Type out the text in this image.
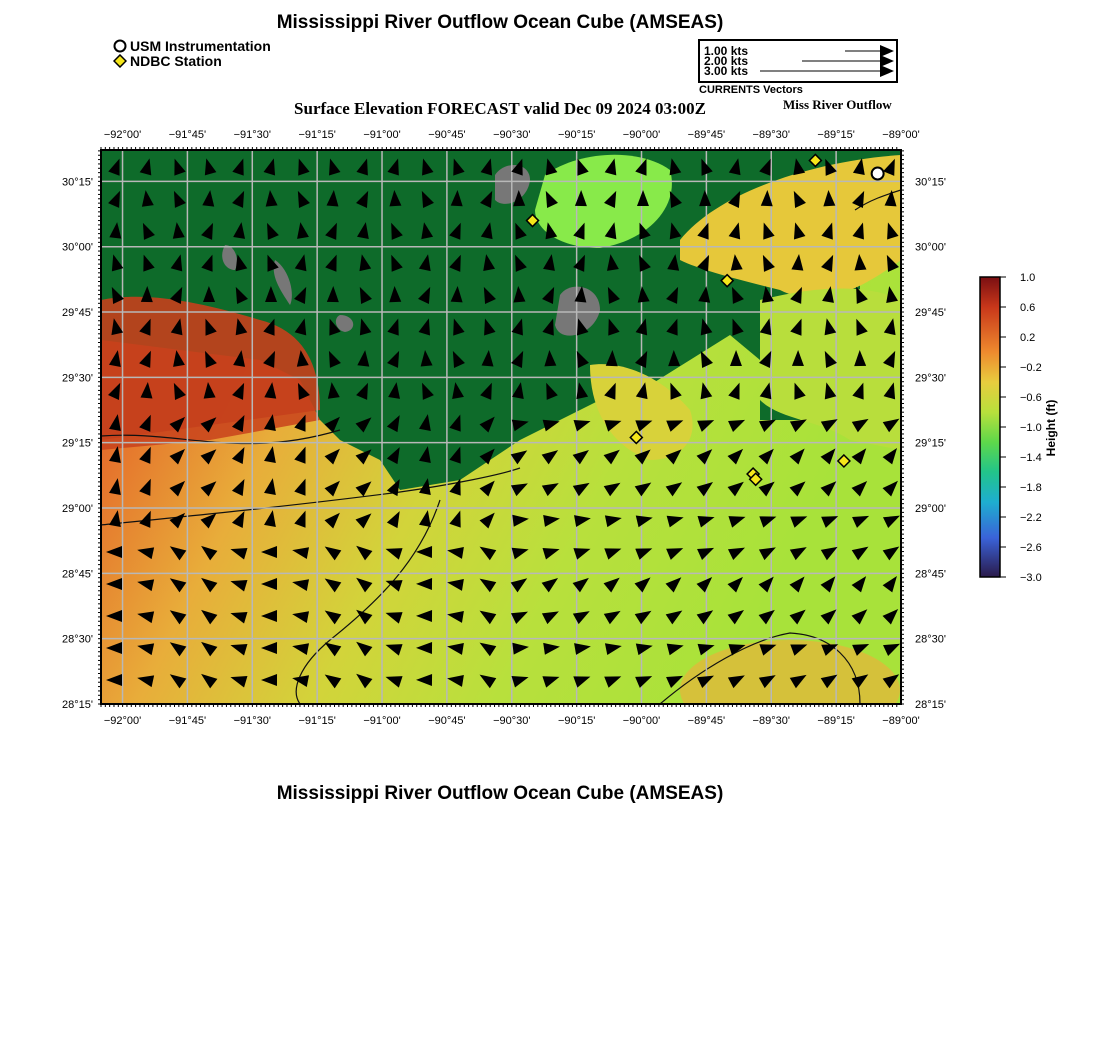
Mississippi River Outflow Ocean Cube (AMSEAS)
USM Instrumentation
NDBC Station
1.00 kts
2.00 kts
3.00 kts
CURRENTS Vectors
Surface Elevation FORECAST valid Dec 09 2024 03:00Z	Miss River Outflow
−92°00' −91°45' −91°30' −91°15' −91°00' −90°45' −90°30' −90°15' −90°00' −89°45' −89°30' −89°15' −89°00'
−92°00' −91°45' −91°30' −91°15' −91°00' −90°45' −90°30' −90°15' −90°00' −89°45' −89°30' −89°15' −89°00'
30°15'
30°00'
29°45'
29°30'
29°15'
29°00'
28°45'
28°30'
28°15'
30°15'
30°00'
29°45'
29°30'
29°15'
29°00'
28°45'
28°30'
28°15'
1.0
0.6
0.2
−0.2
−0.6
−1.0
−1.4
−1.8
−2.2
−2.6
−3.0
Height (ft)
Mississippi River Outflow Ocean Cube (AMSEAS)
